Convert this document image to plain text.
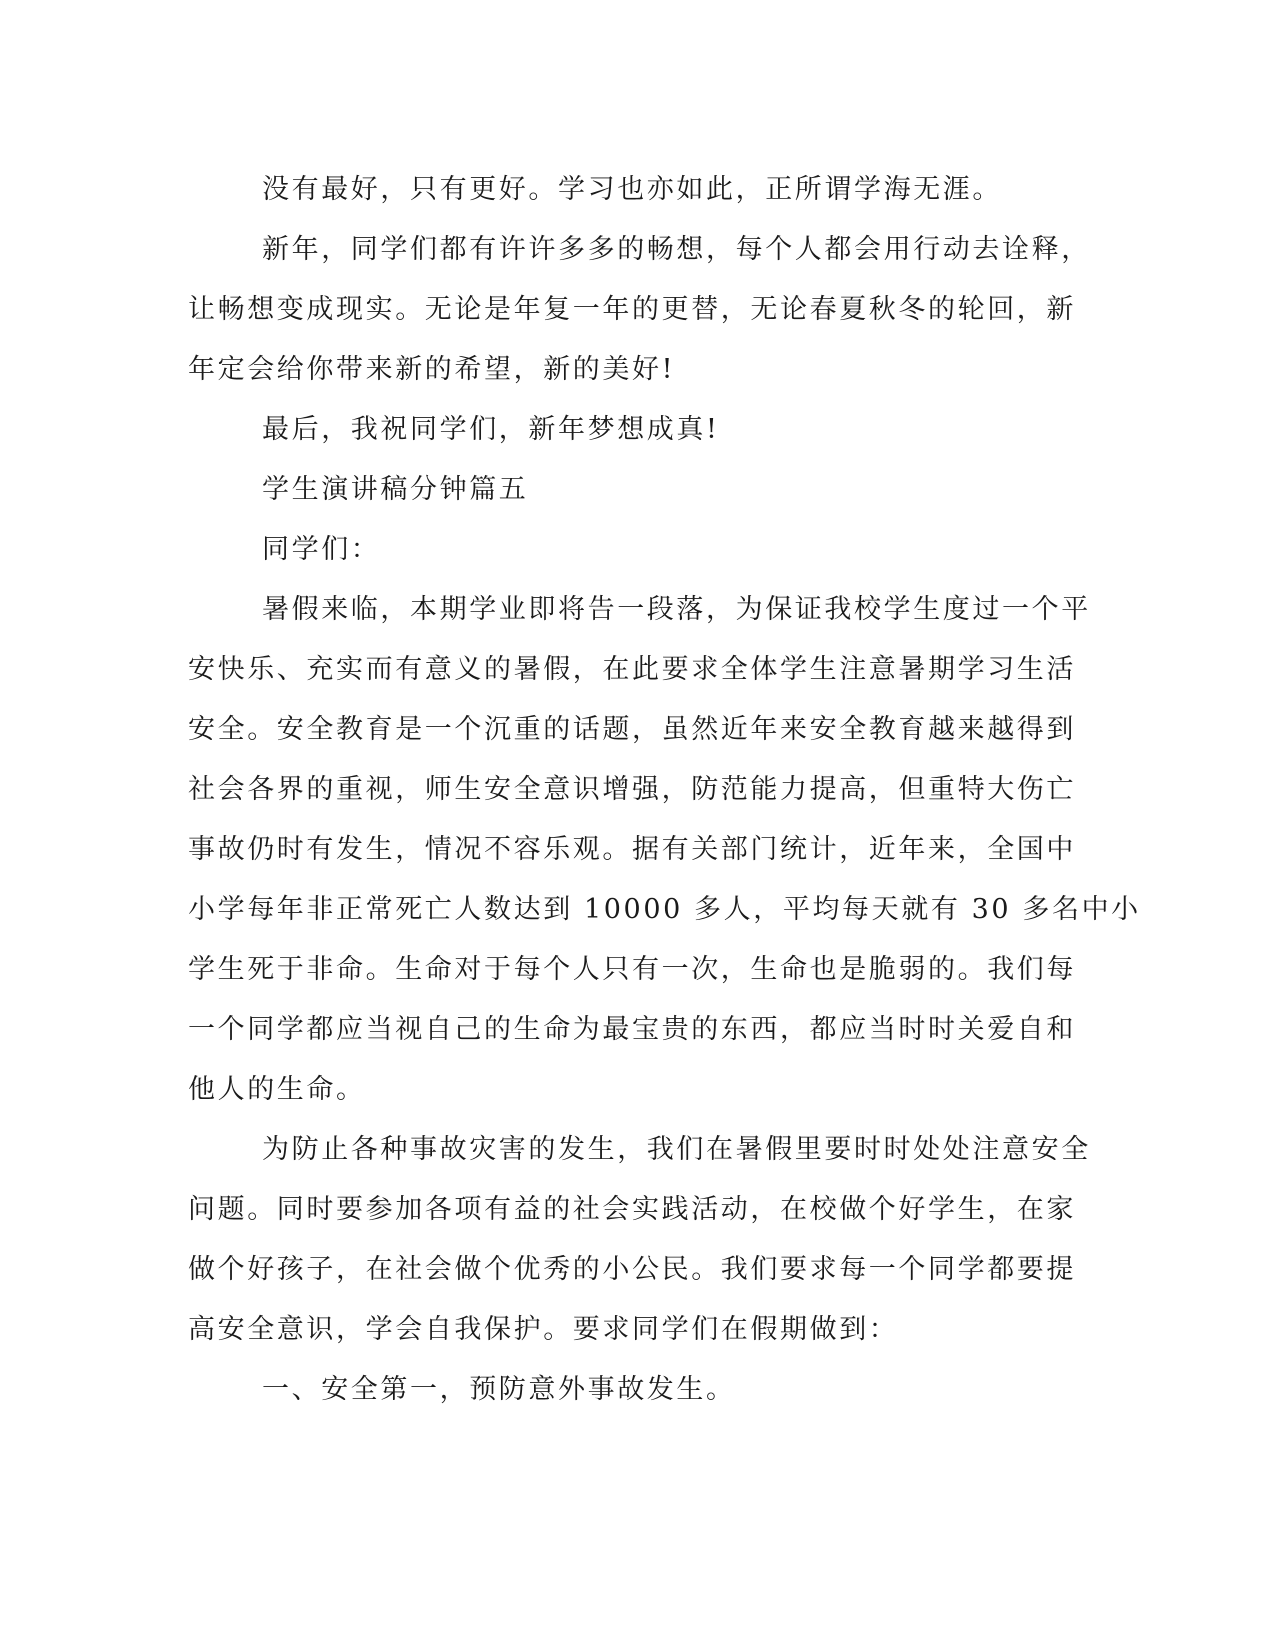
没有最好，只有更好。学习也亦如此，正所谓学海无涯。

新年，同学们都有许许多多的畅想，每个人都会用行动去诠释，
让畅想变成现实。无论是年复一年的更替，无论春夏秋冬的轮回，新
年定会给你带来新的希望，新的美好!

最后，我祝同学们，新年梦想成真!

学生演讲稿分钟篇五

同学们：

暑假来临，本期学业即将告一段落，为保证我校学生度过一个平
安快乐、充实而有意义的暑假，在此要求全体学生注意暑期学习生活
安全。安全教育是一个沉重的话题，虽然近年来安全教育越来越得到
社会各界的重视，师生安全意识增强，防范能力提高，但重特大伤亡
事故仍时有发生，情况不容乐观。据有关部门统计，近年来，全国中
小学每年非正常死亡人数达到 10000 多人，平均每天就有 30 多名中小
学生死于非命。生命对于每个人只有一次，生命也是脆弱的。我们每
一个同学都应当视自己的生命为最宝贵的东西，都应当时时关爱自和
他人的生命。

为防止各种事故灾害的发生，我们在暑假里要时时处处注意安全
问题。同时要参加各项有益的社会实践活动，在校做个好学生，在家
做个好孩子，在社会做个优秀的小公民。我们要求每一个同学都要提
高安全意识，学会自我保护。要求同学们在假期做到：

一、安全第一，预防意外事故发生。
